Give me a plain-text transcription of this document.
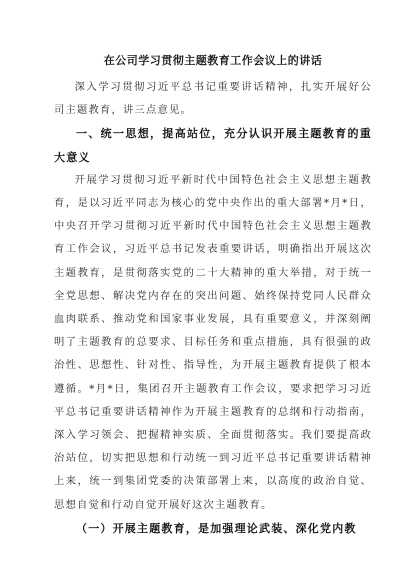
在公司学习贯彻主题教育工作会议上的讲话

深入学习贯彻习近平总书记重要讲话精神，扎实开展好公司主题教育，讲三点意见。

一、统一思想，提高站位，充分认识开展主题教育的重大意义

开展学习贯彻习近平新时代中国特色社会主义思想主题教育，是以习近平同志为核心的党中央作出的重大部署*月*日，中央召开学习贯彻习近平新时代中国特色社会主义思想主题教育工作会议，习近平总书记发表重要讲话，明确指出开展这次主题教育，是贯彻落实党的二十大精神的重大举措，对于统一全党思想、解决党内存在的突出问题、始终保持党同人民群众血肉联系、推动党和国家事业发展，具有重要意义，并深刻阐明了主题教育的总要求、目标任务和重点措施，具有很强的政治性、思想性、针对性、指导性，为开展主题教育提供了根本遵循。*月*日，集团召开主题教育工作会议，要求把学习习近平总书记重要讲话精神作为开展主题教育的总纲和行动指南，深入学习领会、把握精神实质、全面贯彻落实。我们要提高政治站位，切实把思想和行动统一到习近平总书记重要讲话精神上来，统一到集团党委的决策部署上来，以高度的政治自觉、思想自觉和行动自觉开展好这次主题教育。

（一）开展主题教育，是加强理论武装、深化党内教
